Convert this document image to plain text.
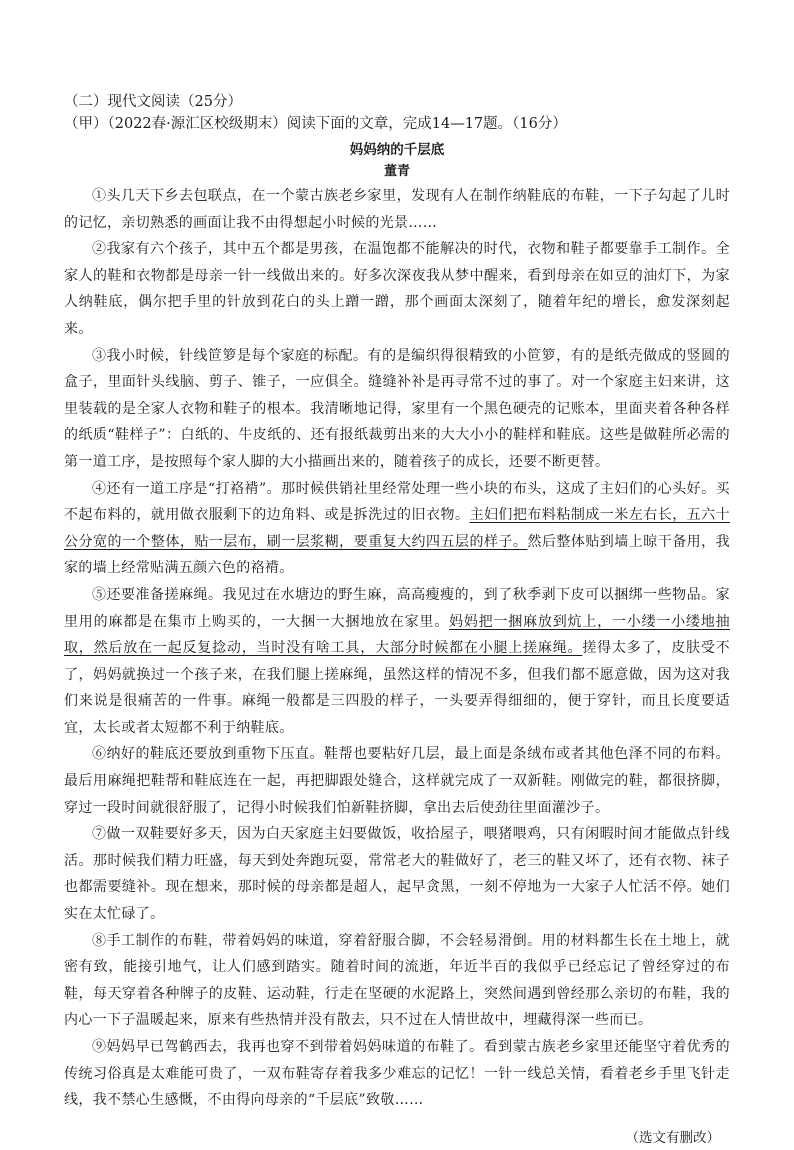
（二）现代文阅读（25分）

（甲）（2022春·源汇区校级期末）阅读下面的文章，完成14—17题。（16分）

妈妈纳的千层底

董青

①头几天下乡去包联点，在一个蒙古族老乡家里，发现有人在制作纳鞋底的布鞋，一下子勾起了儿时的记忆，亲切熟悉的画面让我不由得想起小时候的光景……

②我家有六个孩子，其中五个都是男孩，在温饱都不能解决的时代，衣物和鞋子都要靠手工制作。全家人的鞋和衣物都是母亲一针一线做出来的。好多次深夜我从梦中醒来，看到母亲在如豆的油灯下，为家人纳鞋底，偶尔把手里的针放到花白的头上蹭一蹭，那个画面太深刻了，随着年纪的增长，愈发深刻起来。

③我小时候，针线笸箩是每个家庭的标配。有的是编织得很精致的小笸箩，有的是纸壳做成的竖圆的盒子，里面针头线脑、剪子、锥子，一应俱全。缝缝补补是再寻常不过的事了。对一个家庭主妇来讲，这里装载的是全家人衣物和鞋子的根本。我清晰地记得，家里有一个黑色硬壳的记账本，里面夹着各种各样的纸质“鞋样子”：白纸的、牛皮纸的、还有报纸裁剪出来的大大小小的鞋样和鞋底。这些是做鞋所必需的第一道工序，是按照每个家人脚的大小描画出来的，随着孩子的成长，还要不断更替。

④还有一道工序是“打袼褙”。那时候供销社里经常处理一些小块的布头，这成了主妇们的心头好。买不起布料的，就用做衣服剩下的边角料、或是拆洗过的旧衣物。主妇们把布料粘制成一米左右长，五六十公分宽的一个整体，贴一层布，刷一层浆糊，要重复大约四五层的样子。然后整体贴到墙上晾干备用，我家的墙上经常贴满五颜六色的袼褙。

⑤还要准备搓麻绳。我见过在水塘边的野生麻，高高瘦瘦的，到了秋季剥下皮可以捆绑一些物品。家里用的麻都是在集市上购买的，一大捆一大捆地放在家里。妈妈把一捆麻放到炕上，一小缕一小缕地抽取，然后放在一起反复捻动，当时没有啥工具，大部分时候都在小腿上搓麻绳。搓得太多了，皮肤受不了，妈妈就换过一个孩子来，在我们腿上搓麻绳，虽然这样的情况不多，但我们都不愿意做，因为这对我们来说是很痛苦的一件事。麻绳一般都是三四股的样子，一头要弄得细细的，便于穿针，而且长度要适宜，太长或者太短都不利于纳鞋底。

⑥纳好的鞋底还要放到重物下压直。鞋帮也要粘好几层，最上面是条绒布或者其他色泽不同的布料。最后用麻绳把鞋帮和鞋底连在一起，再把脚跟处缝合，这样就完成了一双新鞋。刚做完的鞋，都很挤脚，穿过一段时间就很舒服了，记得小时候我们怕新鞋挤脚，拿出去后使劲往里面灌沙子。

⑦做一双鞋要好多天，因为白天家庭主妇要做饭，收拾屋子，喂猪喂鸡，只有闲暇时间才能做点针线活。那时候我们精力旺盛，每天到处奔跑玩耍，常常老大的鞋做好了，老三的鞋又坏了，还有衣物、袜子也都需要缝补。现在想来，那时候的母亲都是超人，起早贪黑，一刻不停地为一大家子人忙活不停。她们实在太忙碌了。

⑧手工制作的布鞋，带着妈妈的味道，穿着舒服合脚，不会轻易滑倒。用的材料都生长在土地上，就密有致，能接引地气，让人们感到踏实。随着时间的流逝，年近半百的我似乎已经忘记了曾经穿过的布鞋，每天穿着各种牌子的皮鞋、运动鞋，行走在坚硬的水泥路上，突然间遇到曾经那么亲切的布鞋，我的内心一下子温暖起来，原来有些热情并没有散去，只不过在人情世故中，埋藏得深一些而已。

⑨妈妈早已驾鹤西去，我再也穿不到带着妈妈味道的布鞋了。看到蒙古族老乡家里还能坚守着优秀的传统习俗真是太难能可贵了，一双布鞋寄存着我多少难忘的记忆！一针一线总关情，看着老乡手里飞针走线，我不禁心生感慨，不由得向母亲的“千层底”致敬……

（选文有删改）
